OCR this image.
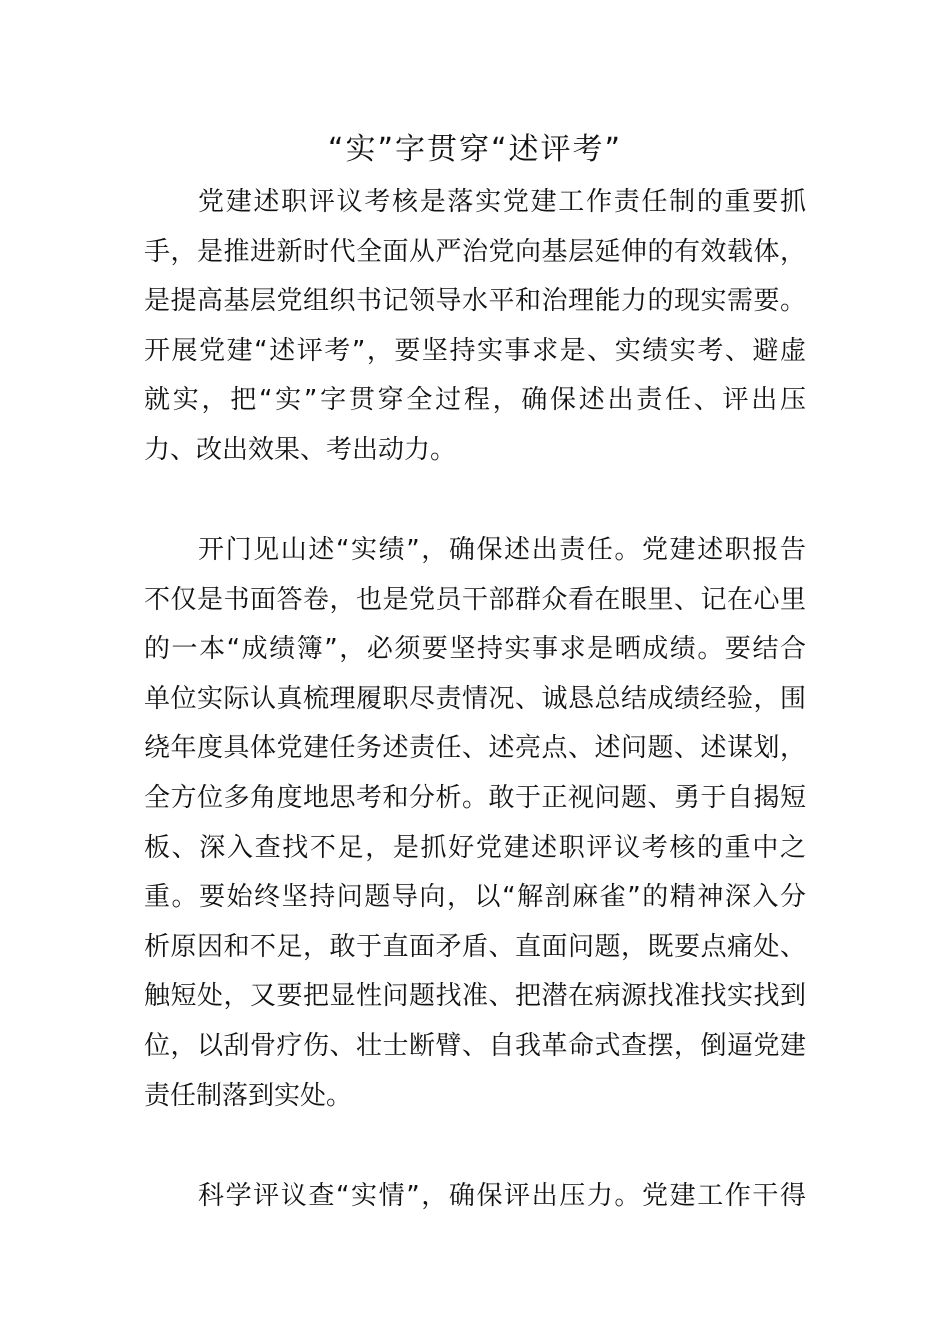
“实”字贯穿“述评考”
党建述职评议考核是落实党建工作责任制的重要抓
手，是推进新时代全面从严治党向基层延伸的有效载体，
是提高基层党组织书记领导水平和治理能力的现实需要。
开展党建“述评考”，要坚持实事求是、实绩实考、避虚
就实，把“实”字贯穿全过程，确保述出责任、评出压
力、改出效果、考出动力。
开门见山述“实绩”，确保述出责任。党建述职报告
不仅是书面答卷，也是党员干部群众看在眼里、记在心里
的一本“成绩簿”，必须要坚持实事求是晒成绩。要结合
单位实际认真梳理履职尽责情况、诚恳总结成绩经验，围
绕年度具体党建任务述责任、述亮点、述问题、述谋划，
全方位多角度地思考和分析。敢于正视问题、勇于自揭短
板、深入查找不足，是抓好党建述职评议考核的重中之
重。要始终坚持问题导向，以“解剖麻雀”的精神深入分
析原因和不足，敢于直面矛盾、直面问题，既要点痛处、
触短处，又要把显性问题找准、把潜在病源找准找实找到
位，以刮骨疗伤、壮士断臂、自我革命式查摆，倒逼党建
责任制落到实处。
科学评议查“实情”，确保评出压力。党建工作干得
